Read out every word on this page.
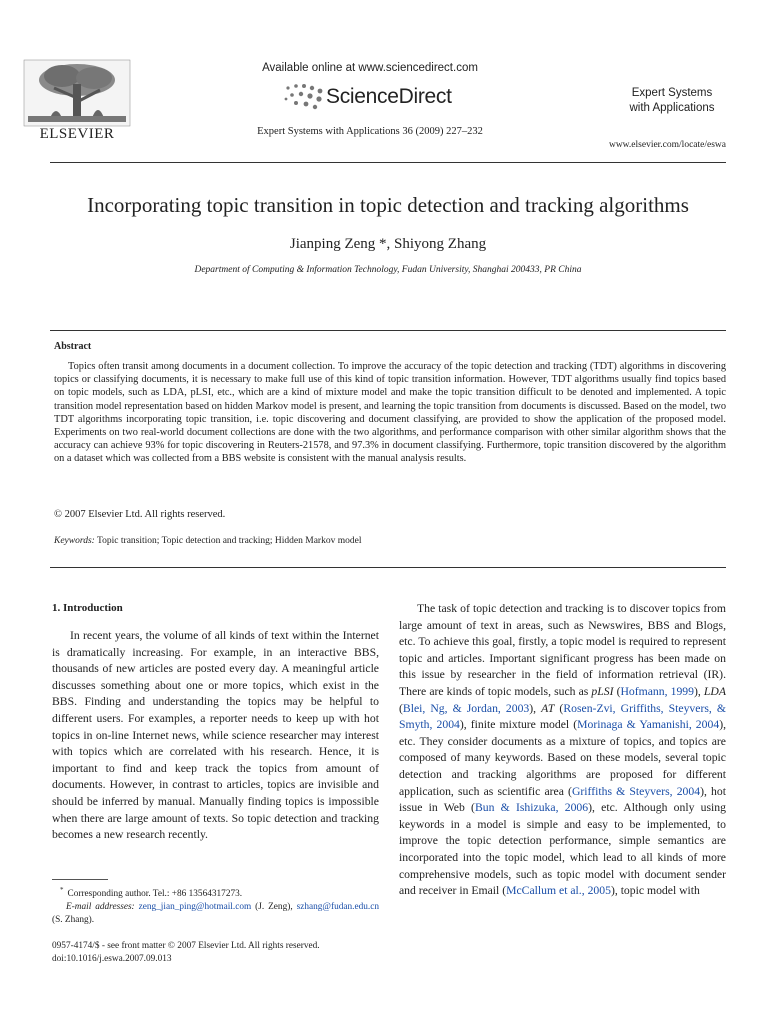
ELSEVIER
Available online at www.sciencedirect.com
ScienceDirect
Expert Systems with Applications 36 (2009) 227–232
Expert Systems
with Applications
www.elsevier.com/locate/eswa
Incorporating topic transition in topic detection and tracking algorithms
Jianping Zeng *, Shiyong Zhang
Department of Computing & Information Technology, Fudan University, Shanghai 200433, PR China
Abstract

Topics often transit among documents in a document collection. To improve the accuracy of the topic detection and tracking (TDT) algorithms in discovering topics or classifying documents, it is necessary to make full use of this kind of topic transition information. However, TDT algorithms usually find topics based on topic models, such as LDA, pLSI, etc., which are a kind of mixture model and make the topic transition difficult to be denoted and implemented. A topic transition model representation based on hidden Markov model is present, and learning the topic transition from documents is discussed. Based on the model, two TDT algorithms incorporating topic transition, i.e. topic discovering and document classifying, are provided to show the application of the proposed model. Experiments on two real-world document collections are done with the two algorithms, and performance comparison with other similar algorithm shows that the accuracy can achieve 93% for topic discovering in Reuters-21578, and 97.3% in document classifying. Furthermore, topic transition discovered by the algorithm on a dataset which was collected from a BBS website is consistent with the manual analysis results.

© 2007 Elsevier Ltd. All rights reserved.
Keywords: Topic transition; Topic detection and tracking; Hidden Markov model
1. Introduction

In recent years, the volume of all kinds of text within the Internet is dramatically increasing. For example, in an interactive BBS, thousands of new articles are posted every day. A meaningful article discusses something about one or more topics, which exist in the BBS. Finding and understanding the topics may be helpful to different users. For examples, a reporter needs to keep up with hot topics in on-line Internet news, while science researcher may interest with topics which are correlated with his research. Hence, it is important to find and keep track the topics from amount of documents. However, in contrast to articles, topics are invisible and should be inferred by manual. Manually finding topics is impossible when there are large amount of texts. So topic detection and tracking becomes a new research recently.

The task of topic detection and tracking is to discover topics from large amount of text in areas, such as Newswires, BBS and Blogs, etc. To achieve this goal, firstly, a topic model is required to represent topic and articles. Important significant progress has been made on this issue by researcher in the field of information retrieval (IR). There are kinds of topic models, such as pLSI (Hofmann, 1999), LDA (Blei, Ng, & Jordan, 2003), AT (Rosen-Zvi, Griffiths, Steyvers, & Smyth, 2004), finite mixture model (Morinaga & Yamanishi, 2004), etc. They consider documents as a mixture of topics, and topics are composed of many keywords. Based on these models, several topic detection and tracking algorithms are proposed for different application, such as scientific area (Griffiths & Steyvers, 2004), hot issue in Web (Bun & Ishizuka, 2006), etc. Although only using keywords in a model is simple and easy to be implemented, to improve the topic detection performance, simple semantics are incorporated into the topic model, which lead to all kinds of more comprehensive models, such as topic model with document sender and receiver in Email (McCallum et al., 2005), topic model with

* Corresponding author. Tel.: +86 13564317273.
E-mail addresses: zeng_jian_ping@hotmail.com (J. Zeng), szhang@fudan.edu.cn (S. Zhang).
0957-4174/$ - see front matter © 2007 Elsevier Ltd. All rights reserved.
doi:10.1016/j.eswa.2007.09.013
